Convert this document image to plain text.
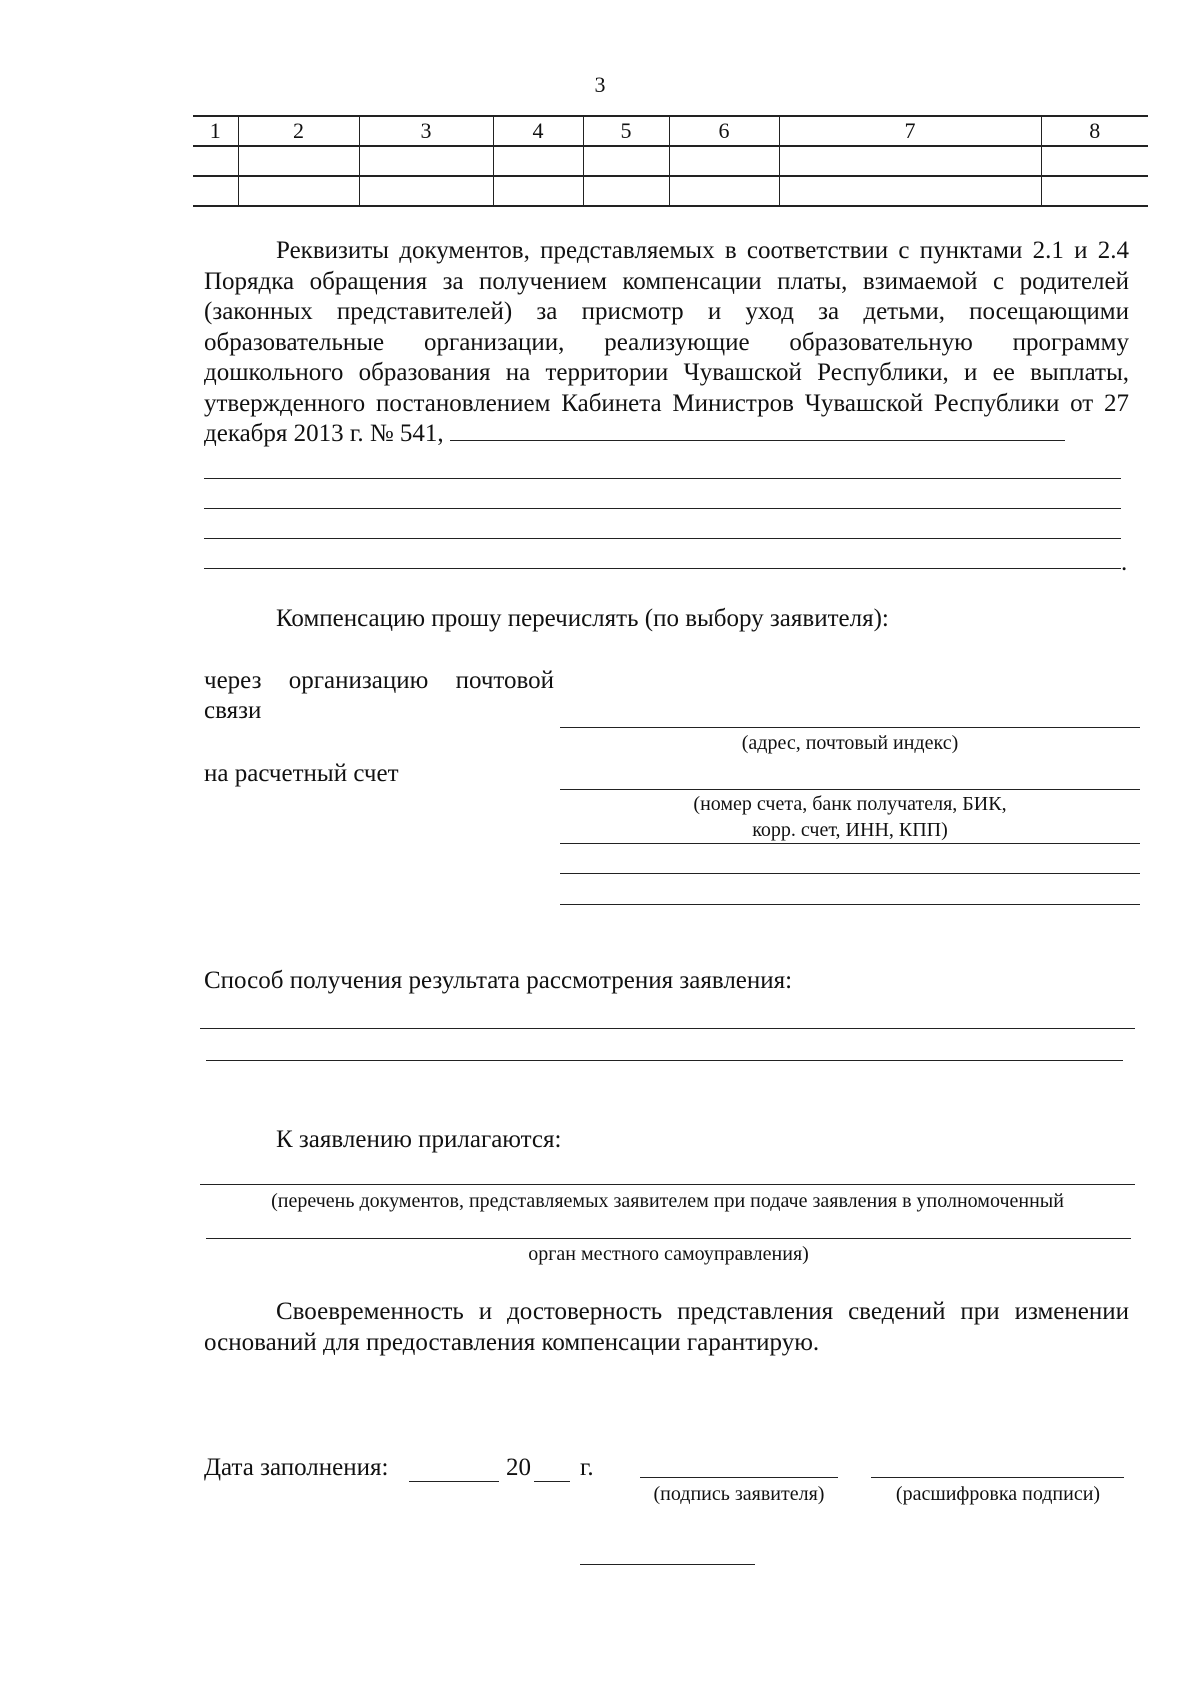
3
1	2	3	4	5	6	7	8

Реквизиты документов, представляемых в соответствии с пунктами 2.1 и 2.4 Порядка обращения за получением компенсации платы, взимаемой с родителей (законных представителей) за присмотр и уход за детьми, посещающими образовательные организации, реализующие образовательную программу дошкольного образования на территории Чувашской Республики, и ее выплаты, утвержденного постановлением Кабинета Министров Чувашской Республики от 27 декабря 2013 г. № 541,
.
Компенсацию прошу перечислять (по выбору заявителя):
через организацию почтовой связи
(адрес, почтовый индекс)
на расчетный счет
(номер счета, банк получателя, БИК,
корр. счет, ИНН, КПП)
Способ получения результата рассмотрения заявления:
К заявлению прилагаются:
(перечень документов, представляемых заявителем при подаче заявления в уполномоченный
орган местного самоуправления)
Своевременность и достоверность представления сведений при изменении оснований для предоставления компенсации гарантирую.
Дата заполнения:	20 г.
(подпись заявителя)	(расшифровка подписи)
